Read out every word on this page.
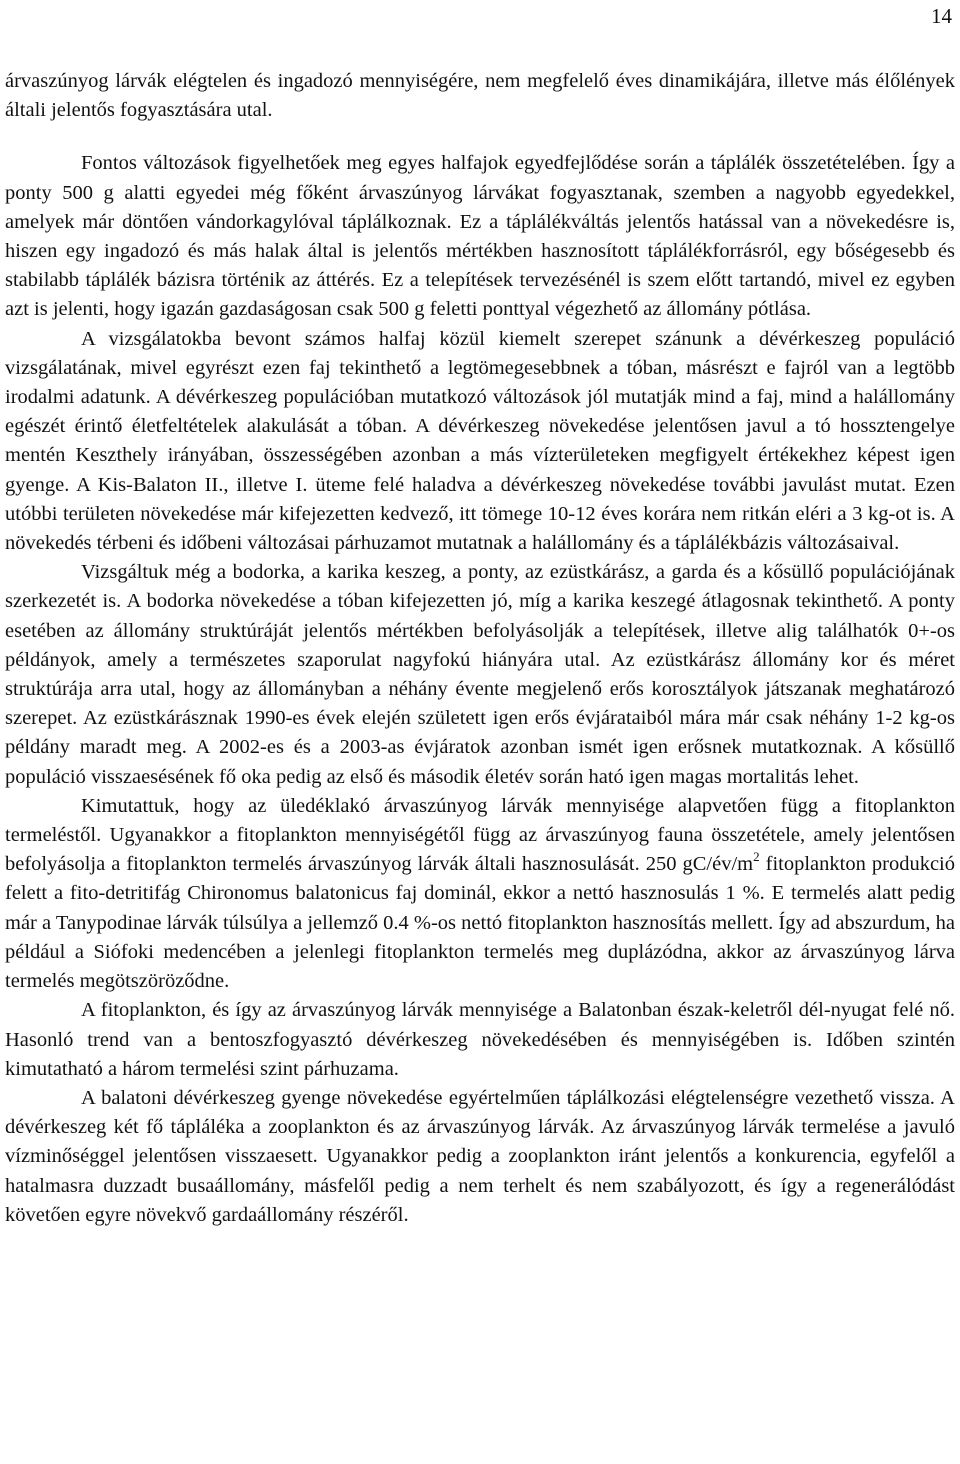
14

árvaszúnyog lárvák elégtelen és ingadozó mennyiségére, nem megfelelő éves dinamikájára, illetve más élőlények általi jelentős fogyasztására utal.

Fontos változások figyelhetőek meg egyes halfajok egyedfejlődése során a táplálék összetételében. Így a ponty 500 g alatti egyedei még főként árvaszúnyog lárvákat fogyasztanak, szemben a nagyobb egyedekkel, amelyek már döntően vándorkagylóval táplálkoznak. Ez a táplálékváltás jelentős hatással van a növekedésre is, hiszen egy ingadozó és más halak által is jelentős mértékben hasznosított táplálékforrásról, egy bőségesebb és stabilabb táplálék bázisra történik az áttérés. Ez a telepítések tervezésénél is szem előtt tartandó, mivel ez egyben azt is jelenti, hogy igazán gazdaságosan csak 500 g feletti ponttyal végezhető az állomány pótlása.

A vizsgálatokba bevont számos halfaj közül kiemelt szerepet szánunk a dévérkeszeg populáció vizsgálatának, mivel egyrészt ezen faj tekinthető a legtömegesebbnek a tóban, másrészt e fajról van a legtöbb irodalmi adatunk. A dévérkeszeg populációban mutatkozó változások jól mutatják mind a faj, mind a halállomány egészét érintő életfeltételek alakulását a tóban. A dévérkeszeg növekedése jelentősen javul a tó hossztengelye mentén Keszthely irányában, összességében azonban a más vízterületeken megfigyelt értékekhez képest igen gyenge. A Kis-Balaton II., illetve I. üteme felé haladva a dévérkeszeg növekedése további javulást mutat. Ezen utóbbi területen növekedése már kifejezetten kedvező, itt tömege 10-12 éves korára nem ritkán eléri a 3 kg-ot is. A növekedés térbeni és időbeni változásai párhuzamot mutatnak a halállomány és a táplálékbázis változásaival.

Vizsgáltuk még a bodorka, a karika keszeg, a ponty, az ezüstkárász, a garda és a kősüllő populációjának szerkezetét is. A bodorka növekedése a tóban kifejezetten jó, míg a karika keszegé átlagosnak tekinthető. A ponty esetében az állomány struktúráját jelentős mértékben befolyásolják a telepítések, illetve alig találhatók 0+-os példányok, amely a természetes szaporulat nagyfokú hiányára utal. Az ezüstkárász állomány kor és méret struktúrája arra utal, hogy az állományban a néhány évente megjelenő erős korosztályok játszanak meghatározó szerepet. Az ezüstkárásznak 1990-es évek elején született igen erős évjárataiból mára már csak néhány 1-2 kg-os példány maradt meg. A 2002-es és a 2003-as évjáratok azonban ismét igen erősnek mutatkoznak. A kősüllő populáció visszaesésének fő oka pedig az első és második életév során ható igen magas mortalitás lehet.

Kimutattuk, hogy az üledéklakó árvaszúnyog lárvák mennyisége alapvetően függ a fitoplankton termeléstől. Ugyanakkor a fitoplankton mennyiségétől függ az árvaszúnyog fauna összetétele, amely jelentősen befolyásolja a fitoplankton termelés árvaszúnyog lárvák általi hasznosulását. 250 $gC/év/m^2$ fitoplankton produkció felett a fito-detritifág Chironomus balatonicus faj dominál, ekkor a nettó hasznosulás 1 %. E termelés alatt pedig már a Tanypodinae lárvák túlsúlya a jellemző 0.4 %-os nettó fitoplankton hasznosítás mellett. Így ad abszurdum, ha például a Siófoki medencében a jelenlegi fitoplankton termelés meg duplázódna, akkor az árvaszúnyog lárva termelés megötszöröződne.

A fitoplankton, és így az árvaszúnyog lárvák mennyisége a Balatonban észak-keletről dél-nyugat felé nő. Hasonló trend van a bentoszfogyasztó dévérkeszeg növekedésében és mennyiségében is. Időben szintén kimutatható a három termelési szint párhuzama.

A balatoni dévérkeszeg gyenge növekedése egyértelműen táplálkozási elégtelenségre vezethető vissza. A dévérkeszeg két fő tápláléka a zooplankton és az árvaszúnyog lárvák. Az árvaszúnyog lárvák termelése a javuló vízminőséggel jelentősen visszaesett. Ugyanakkor pedig a zooplankton iránt jelentős a konkurencia, egyfelől a hatalmasra duzzadt busaállomány, másfelől pedig a nem terhelt és nem szabályozott, és így a regenerálódást követően egyre növekvő gardaállomány részéről.
